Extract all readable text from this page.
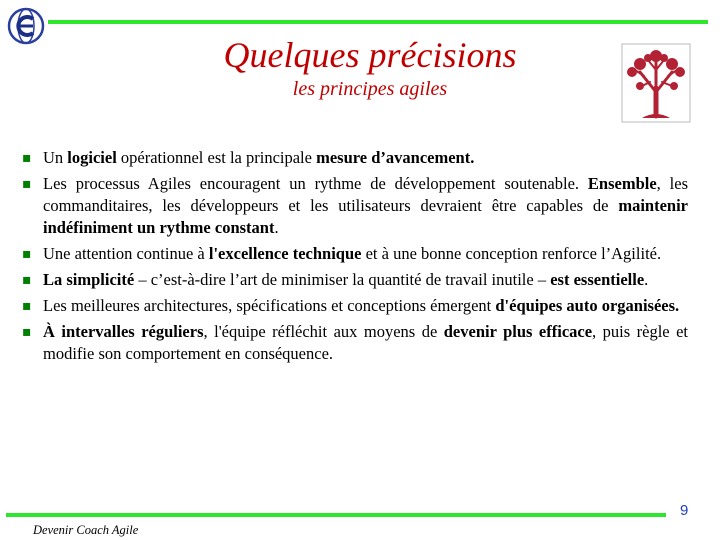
Quelques précisions
les principes agiles
▪ Un logiciel opérationnel est la principale mesure d’avancement.
▪ Les processus Agiles encouragent un rythme de développement soutenable. Ensemble, les commanditaires, les développeurs et les utilisateurs devraient être capables de maintenir indéfiniment un rythme constant.
▪ Une attention continue à l'excellence technique et à une bonne conception renforce l’Agilité.
▪ La simplicité – c’est-à-dire l’art de minimiser la quantité de travail inutile – est essentielle.
▪ Les meilleures architectures, spécifications et conceptions émergent d'équipes auto organisées.
▪ À intervalles réguliers, l'équipe réfléchit aux moyens de devenir plus efficace, puis règle et modifie son comportement en conséquence.
9
Devenir Coach Agile
